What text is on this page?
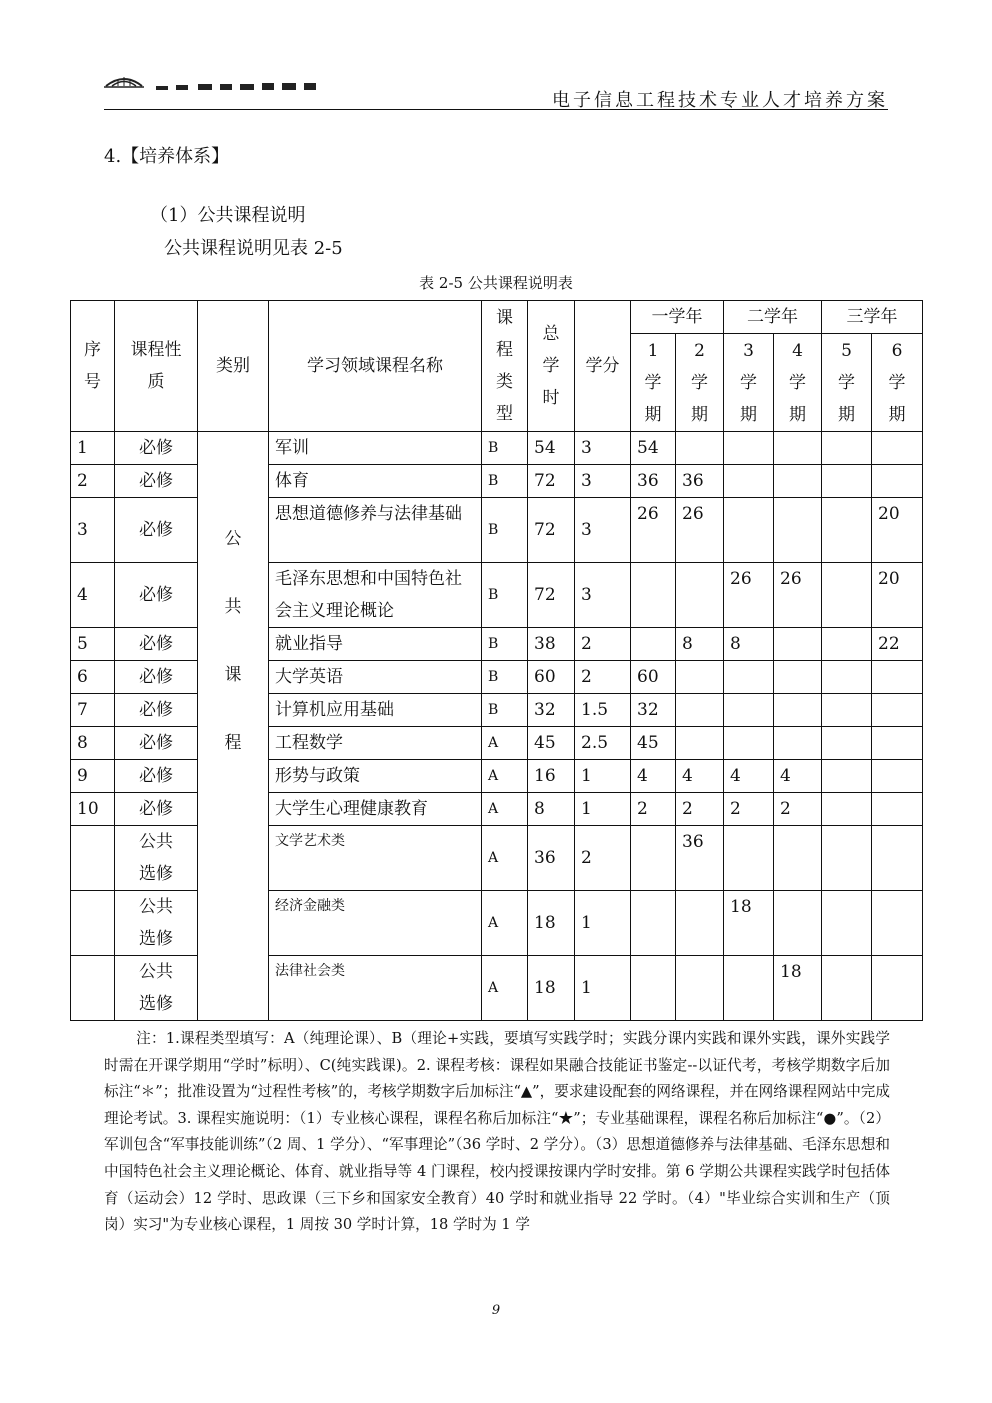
电子信息工程技术专业人才培养方案
4.【培养体系】
（1）公共课程说明
公共课程说明见表 2-5
表 2-5 公共课程说明表
序号	课程性质	类别	学习领域课程名称	课程类型	总学时	学分	一学年		二学年		三学年	
							1学期	2学期	3学期	4学期	5学期	6学期
1	必修	公共课程	军训	B	54	3	54					
2	必修		体育	B	72	3	36	36				
3	必修		思想道德修养与法律基础	B	72	3	26	26				20
4	必修		毛泽东思想和中国特色社会主义理论概论	B	72	3			26	26		20
5	必修		就业指导	B	38	2		8	8			22
6	必修		大学英语	B	60	2	60					
7	必修		计算机应用基础	B	32	1.5	32					
8	必修		工程数学	A	45	2.5	45					
9	必修		形势与政策	A	16	1	4	4	4	4		
10	必修		大学生心理健康教育	A	8	1	2	2	2	2		

	公共选修		文学艺术类	A	36	2		36				

	公共选修		经济金融类	A	18	1			18			

	公共选修		法律社会类	A	18	1				18		
注：1.课程类型填写：A（纯理论课）、B（理论+实践，要填写实践学时；实践分课内实践和课外实践，课外实践学时需在开课学期用“学时”标明）、C(纯实践课)。2. 课程考核：课程如果融合技能证书鉴定--以证代考，考核学期数字后加标注“＊”；批准设置为“过程性考核”的，考核学期数字后加标注“▲”，要求建设配套的网络课程，并在网络课程网站中完成理论考试。3. 课程实施说明：（1）专业核心课程，课程名称后加标注“★”；专业基础课程，课程名称后加标注“●”。（2）军训包含“军事技能训练”（2 周、1 学分）、“军事理论”（36 学时、2 学分）。（3）思想道德修养与法律基础、毛泽东思想和中国特色社会主义理论概论、体育、就业指导等 4 门课程，校内授课按课内学时安排。第 6 学期公共课程实践学时包括体育（运动会）12 学时、思政课（三下乡和国家安全教育）40 学时和就业指导 22 学时。（4）"毕业综合实训和生产（顶岗）实习"为专业核心课程，1 周按 30 学时计算，18 学时为 1 学
9
